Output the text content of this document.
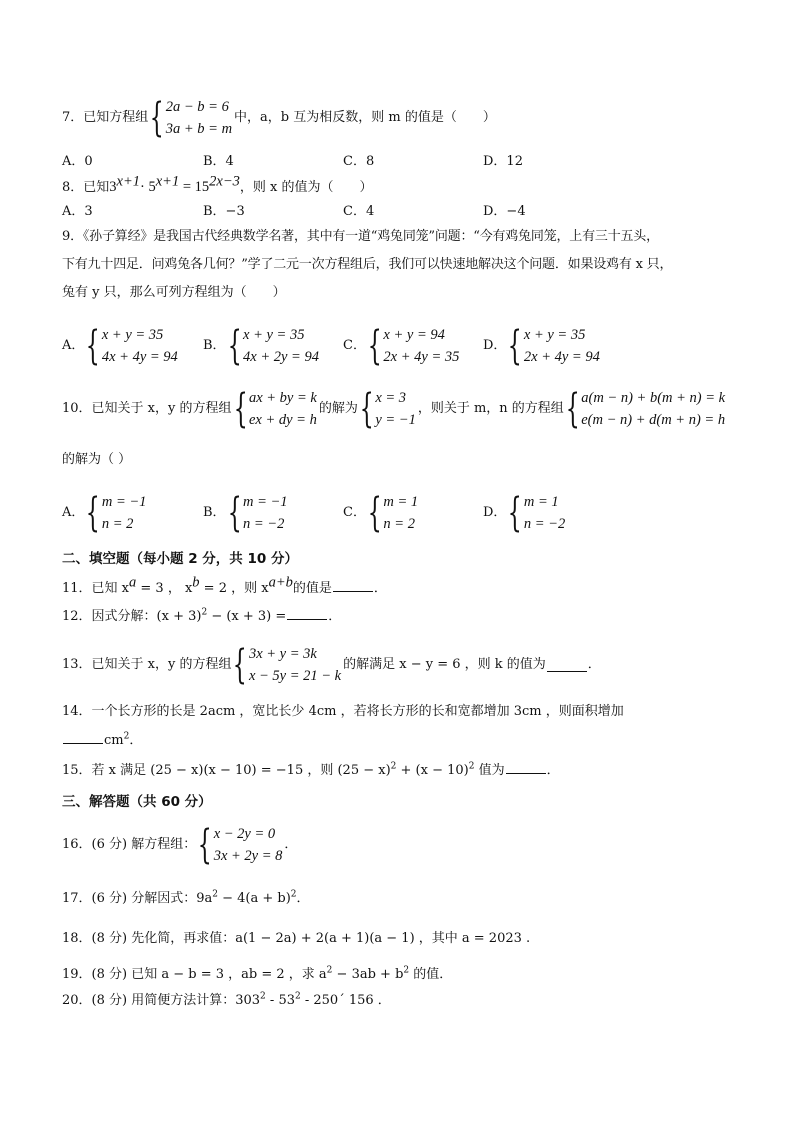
7． 已知方程组 { 2a − b = 6
3a + b = m
中，a，b 互为相反数，则 m 的值是（　　）
A．0	B．4	C．8	D．12
8．已知$3^{x+1}\cdot 5^{x+1} = 15^{2x-3}$，则 x 的值为（　　）
A．3	B．−3	C．4	D．−4
9．《孙子算经》是我国古代经典数学名著，其中有一道“鸡兔同笼”问题：“今有鸡兔同笼，上有三十五头，
下有九十四足．问鸡兔各几何？”学了二元一次方程组后，我们可以快速地解决这个问题．如果设鸡有 x 只，
兔有 y 只，那么可列方程组为（　　）
A． { x + y = 35
4x + 4y = 94
B． { x + y = 35
4x + 2y = 94
C． { x + y = 94
2x + 4y = 35
D． { x + y = 35
2x + 4y = 94
10． 已知关于 x，y 的方程组 { ax + by = k
ex + dy = h
的解为 { x = 3
y = −1
，则关于 m，n 的方程组 { a(m − n) + b(m + n) = k
e(m − n) + d(m + n) = h
的解为（ ）
A． { m = −1
n = 2
B． { m = −1
n = −2
C． { m = 1
n = 2
D． { m = 1
n = −2
二、填空题（每小题 2 分，共 10 分）
11．已知 $x^a = 3$ ， $x^b = 2$ ，则 $x^{a+b}$的值是	．
12．因式分解：$(x + 3)^2 - (x + 3)$ =	．
13．已知关于 x，y 的方程组 { 3x + y = 3k
x − 5y = 21 − k
的解满足 x − y = 6 ，则 k 的值为	．
14．一个长方形的长是 2acm ，宽比长少 4cm ，若将长方形的长和宽都增加 3cm ，则面积增加
$cm^2$．
15．若 x 满足 (25 − x)(x − 10) = −15 ，则 $(25 - x)^2 + (x - 10)^2$ 值为	．
三、解答题（共 60 分）
16．(6 分) 解方程组： { x − 2y = 0
3x + 2y = 8
．
17．(6 分) 分解因式：$9a^2 - 4(a + b)^2$．
18．(8 分) 先化简，再求值：a(1 − 2a) + 2(a + 1)(a − 1) ，其中 a = 2023 .
19．(8 分) 已知 a − b = 3 ，ab = 2 ，求 $a^2 - 3ab + b^2$ 的值．
20．(8 分) 用简便方法计算：$303^2 - 53^2$ - 250´ 156 ．
